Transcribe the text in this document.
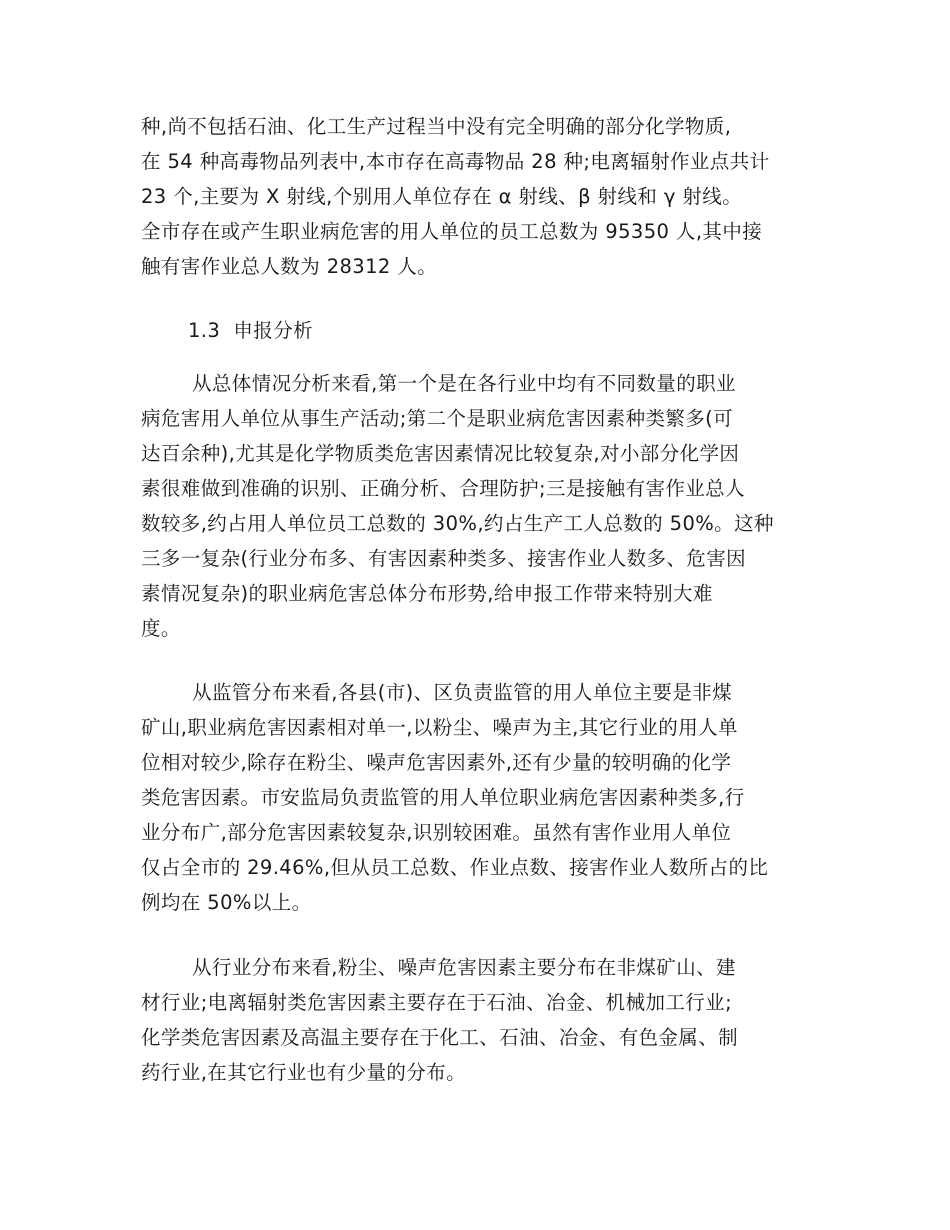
种,尚不包括石油、化工生产过程当中没有完全明确的部分化学物质,
在 54 种高毒物品列表中,本市存在高毒物品 28 种;电离辐射作业点共计
23 个,主要为 X 射线,个别用人单位存在 α 射线、β 射线和 γ 射线。
全市存在或产生职业病危害的用人单位的员工总数为 95350 人,其中接
触有害作业总人数为 28312 人。
1.3  申报分析
从总体情况分析来看,第一个是在各行业中均有不同数量的职业
病危害用人单位从事生产活动;第二个是职业病危害因素种类繁多(可
达百余种),尤其是化学物质类危害因素情况比较复杂,对小部分化学因
素很难做到准确的识别、正确分析、合理防护;三是接触有害作业总人
数较多,约占用人单位员工总数的 30%,约占生产工人总数的 50%。这种
三多一复杂(行业分布多、有害因素种类多、接害作业人数多、危害因
素情况复杂)的职业病危害总体分布形势,给申报工作带来特别大难
度。
从监管分布来看,各县(市)、区负责监管的用人单位主要是非煤
矿山,职业病危害因素相对单一,以粉尘、噪声为主,其它行业的用人单
位相对较少,除存在粉尘、噪声危害因素外,还有少量的较明确的化学
类危害因素。市安监局负责监管的用人单位职业病危害因素种类多,行
业分布广,部分危害因素较复杂,识别较困难。虽然有害作业用人单位
仅占全市的 29.46%,但从员工总数、作业点数、接害作业人数所占的比
例均在 50%以上。
从行业分布来看,粉尘、噪声危害因素主要分布在非煤矿山、建
材行业;电离辐射类危害因素主要存在于石油、冶金、机械加工行业;
化学类危害因素及高温主要存在于化工、石油、冶金、有色金属、制
药行业,在其它行业也有少量的分布。
